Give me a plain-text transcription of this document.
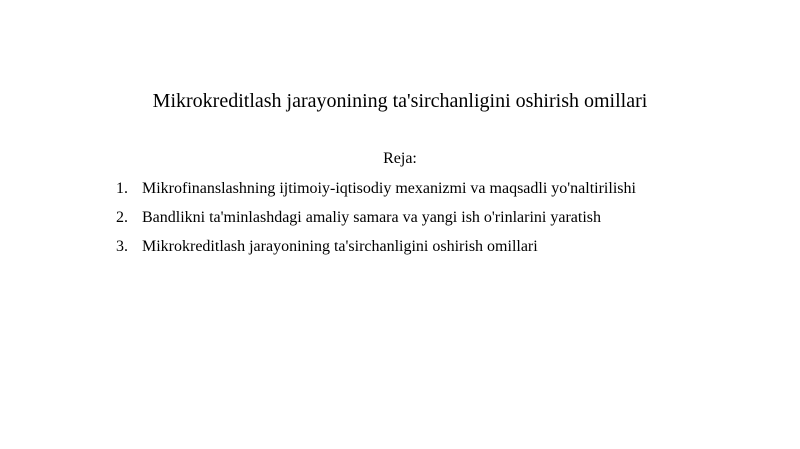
Mikrokreditlash jarayonining ta'sirchanligini oshirish omillari
Reja:
1. Mikrofinanslashning ijtimoiy-iqtisodiy mexanizmi va maqsadli yo'naltirilishi
2. Bandlikni ta'minlashdagi amaliy samara va yangi ish o'rinlarini yaratish
3. Mikrokreditlash jarayonining ta'sirchanligini oshirish omillari
